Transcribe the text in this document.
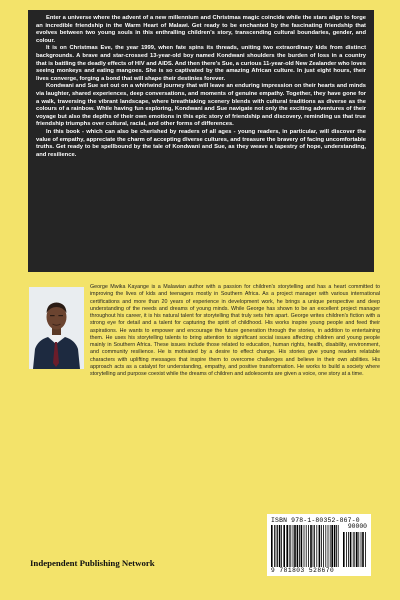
Enter a universe where the advent of a new millennium and Christmas magic coincide while the stars align to forge an incredible friendship in the Warm Heart of Malawi. Get ready to be enchanted by the fascinating friendship that evolves between two young souls in this enthralling children's story, transcending cultural boundaries, gender, and colour.

It is on Christmas Eve, the year 1999, when fate spins its threads, uniting two extraordinary kids from distinct backgrounds. A brave and star-crossed 13-year-old boy named Kondwani shoulders the burden of loss in a country that is battling the deadly effects of HIV and AIDS. And then there's Sue, a curious 11-year-old New Zealander who loves seeing monkeys and eating mangoes. She is so captivated by the amazing African culture. In just eight hours, their lives converge, forging a bond that will shape their destinies forever.

Kondwani and Sue set out on a whirlwind journey that will leave an enduring impression on their hearts and minds via laughter, shared experiences, deep conversations, and moments of genuine empathy. Together, they have gone for a walk, traversing the vibrant landscape, where breathtaking scenery blends with cultural traditions as diverse as the colours of a rainbow. While having fun exploring, Kondwani and Sue navigate not only the exciting adventures of their voyage but also the depths of their own emotions in this epic story of friendship and discovery, reminding us that true friendship triumphs over cultural, racial, and other forms of differences.

In this book - which can also be cherished by readers of all ages - young readers, in particular, will discover the value of empathy, appreciate the charm of accepting diverse cultures, and treasure the bravery of facing uncomfortable truths. Get ready to be spellbound by the tale of Kondwani and Sue, as they weave a tapestry of hope, understanding, and resilience.

George Mwika Kayange is a Malawian author with a passion for children's storytelling and has a heart committed to improving the lives of kids and teenagers mostly in Southern Africa. As a project manager with various international certifications and more than 20 years of experience in development work, he brings a unique perspective and deep understanding of the needs and dreams of young minds. While George has shown to be an excellent project manager throughout his career, it is his natural talent for storytelling that truly sets him apart. George writes children's fiction with a strong eye for detail and a talent for capturing the spirit of childhood. His works inspire young people and feed their aspirations. He wants to empower and encourage the future generation through the stories, in addition to entertaining them. He uses his storytelling talents to bring attention to significant social issues affecting children and young people mainly in Southern Africa. These issues include those related to education, human rights, health, disability, environment, and community resilience. He is motivated by a desire to effect change. His stories give young readers relatable characters with uplifting messages that inspire them to overcome challenges and believe in their own abilities. His approach acts as a catalyst for understanding, empathy, and positive transformation. He works to build a society where storytelling and purpose coexist while the dreams of children and adolescents are given a voice, one story at a time.
ISBN 978-1-80352-867-0
90000
9 781803 528670
Independent Publishing Network
